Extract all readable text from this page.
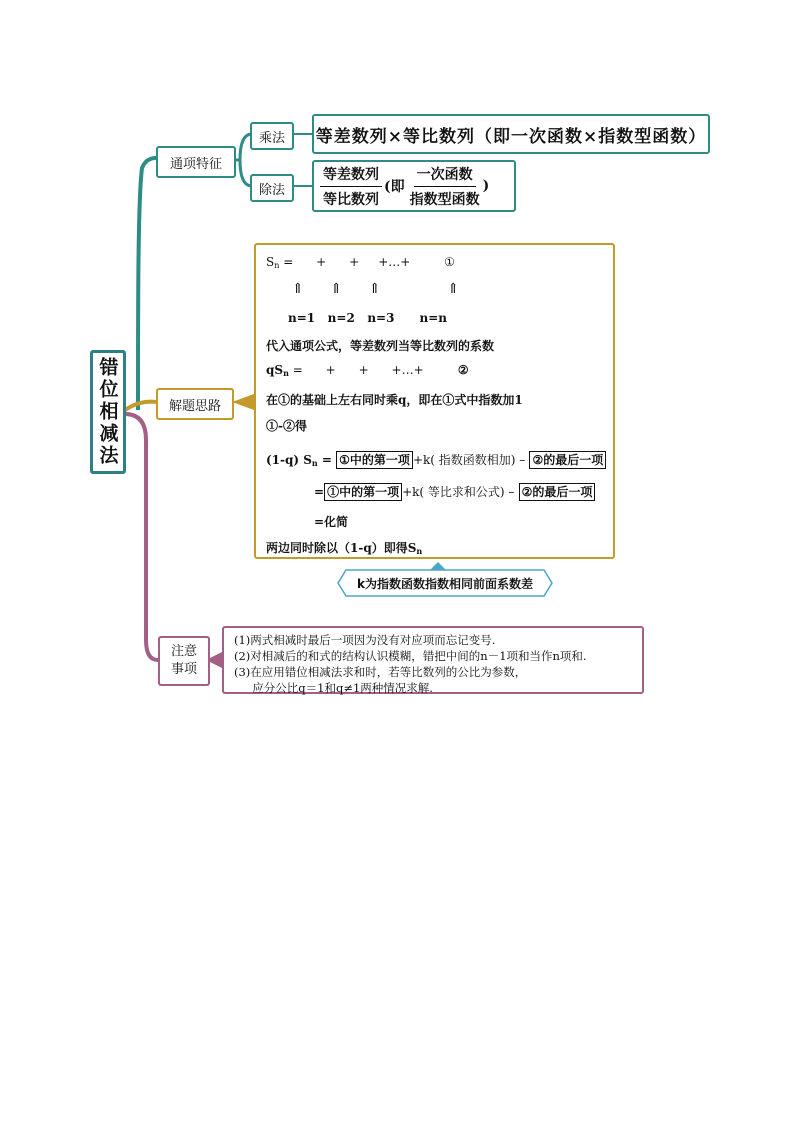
错位相减法
通项特征
乘法
除法
等差数列×等比数列（即一次函数×指数型函数）
$\frac{\text{等差数列}}{\text{等比数列}}$ (即 $\frac{\text{一次函数}}{\text{指数型函数}}$ )
解题思路
$S_n$ =      +      +     +…+	①
⇑      ⇑      ⇑               ⇑
n=1   n=2   n=3      n=n
代入通项公式，等差数列当等比数列的系数
$qS_n$ =      +      +      +…+	②
在①的基础上左右同时乘q，即在①式中指数加1
①-②得
(1-q) $S_n$ = ①中的第一项 +k( 指数函数相加) – ②的最后一项
= ①中的第一项 +k( 等比求和公式) – ②的最后一项
=化简
两边同时除以（1-q）即得$S_n$
k为指数函数指数相同前面系数差
注意
事项
(1)两式相减时最后一项因为没有对应项而忘记变号.
(2)对相减后的和式的结构认识模糊，错把中间的n－1项和当作n项和.
(3)在应用错位相减法求和时，若等比数列的公比为参数，
应分公比q＝1和q≠1两种情况求解.
